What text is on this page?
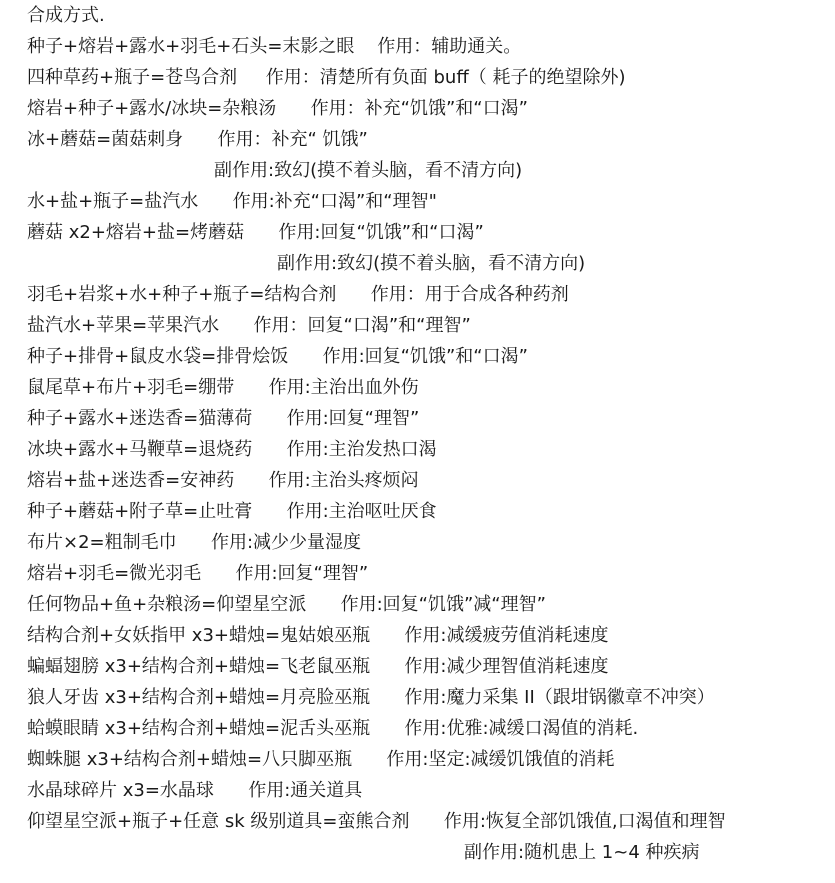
合成方式.
种子+熔岩+露水+羽毛+石头=末影之眼    作用：辅助通关。
四种草药+瓶子=苍鸟合剂     作用：清楚所有负面 buff（ 耗子的绝望除外)
熔岩+种子+露水/冰块=杂粮汤      作用：补充“饥饿”和“口渴”
冰+蘑菇=菌菇刺身      作用：补充“ 饥饿”
副作用:致幻(摸不着头脑，看不清方向)
水+盐+瓶子=盐汽水      作用:补充“口渴”和“理智"
蘑菇 x2+熔岩+盐=烤蘑菇      作用:回复“饥饿”和“口渴”
副作用:致幻(摸不着头脑，看不清方向)
羽毛+岩浆+水+种子+瓶子=结构合剂      作用：用于合成各种药剂
盐汽水+苹果=苹果汽水      作用：回复“口渴”和“理智”
种子+排骨+鼠皮水袋=排骨烩饭      作用:回复“饥饿”和“口渴”
鼠尾草+布片+羽毛=绷带      作用:主治出血外伤
种子+露水+迷迭香=猫薄荷      作用:回复“理智”
冰块+露水+马鞭草=退烧药      作用:主治发热口渴
熔岩+盐+迷迭香=安神药      作用:主治头疼烦闷
种子+蘑菇+附子草=止吐膏      作用:主治呕吐厌食
布片×2=粗制毛巾      作用:减少少量湿度
熔岩+羽毛=微光羽毛      作用:回复“理智”
任何物品+鱼+杂粮汤=仰望星空派      作用:回复“饥饿”减“理智”
结构合剂+女妖指甲 x3+蜡烛=鬼姑娘巫瓶      作用:减缓疲劳值消耗速度
蝙蝠翅膀 x3+结构合剂+蜡烛=飞老鼠巫瓶      作用:减少理智值消耗速度
狼人牙齿 x3+结构合剂+蜡烛=月亮脸巫瓶      作用:魔力采集 II（跟坩锅徽章不冲突）
蛤蟆眼睛 x3+结构合剂+蜡烛=泥舌头巫瓶      作用:优雅:减缓口渴值的消耗.
蜘蛛腿 x3+结构合剂+蜡烛=八只脚巫瓶      作用:坚定:减缓饥饿值的消耗
水晶球碎片 x3=水晶球      作用:通关道具
仰望星空派+瓶子+任意 sk 级别道具=蛮熊合剂      作用:恢复全部饥饿值,口渴值和理智
副作用:随机患上 1~4 种疾病
